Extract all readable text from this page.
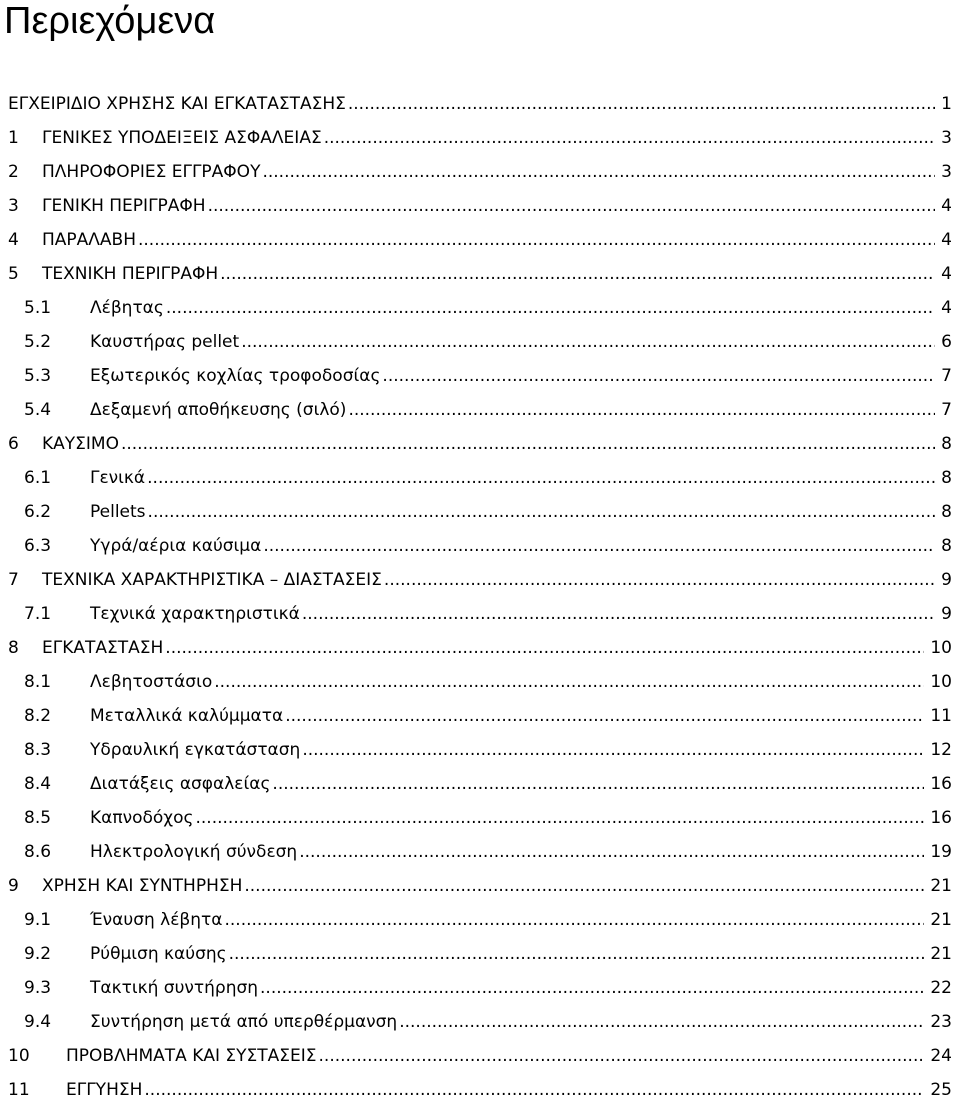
Περιεχόμενα
ΕΓΧΕΙΡΙΔΙΟ ΧΡΗΣΗΣ ΚΑΙ ΕΓΚΑΤΑΣΤΑΣΗΣ .....	1
1 ΓΕΝΙΚΕΣ ΥΠΟΔΕΙΞΕΙΣ ΑΣΦΑΛΕΙΑΣ .....	3
2 ΠΛΗΡΟΦΟΡΙΕΣ ΕΓΓΡΑΦΟΥ .....	3
3 ΓΕΝΙΚΗ ΠΕΡΙΓΡΑΦΗ .....	4
4 ΠΑΡΑΛΑΒΗ .....	4
5 ΤΕΧΝΙΚΗ ΠΕΡΙΓΡΑΦΗ .....	4
5.1 Λέβητας .....	4
5.2 Καυστήρας pellet .....	6
5.3 Εξωτερικός κοχλίας τροφοδοσίας .....	7
5.4 Δεξαμενή αποθήκευσης (σιλό) .....	7
6 ΚΑΥΣΙΜΟ .....	8
6.1 Γενικά .....	8
6.2 Pellets .....	8
6.3 Υγρά/αέρια καύσιμα .....	8
7 ΤΕΧΝΙΚΑ ΧΑΡΑΚΤΗΡΙΣΤΙΚΑ – ΔΙΑΣΤΑΣΕΙΣ .....	9
7.1 Τεχνικά χαρακτηριστικά .....	9
8 ΕΓΚΑΤΑΣΤΑΣΗ .....	10
8.1 Λεβητοστάσιο .....	10
8.2 Μεταλλικά καλύμματα .....	11
8.3 Υδραυλική εγκατάσταση .....	12
8.4 Διατάξεις ασφαλείας .....	16
8.5 Καπνοδόχος .....	16
8.6 Ηλεκτρολογική σύνδεση .....	19
9 ΧΡΗΣΗ ΚΑΙ ΣΥΝΤΗΡΗΣΗ .....	21
9.1 Έναυση λέβητα .....	21
9.2 Ρύθμιση καύσης .....	21
9.3 Τακτική συντήρηση .....	22
9.4 Συντήρηση μετά από υπερθέρμανση .....	23
10 ΠΡΟΒΛΗΜΑΤΑ ΚΑΙ ΣΥΣΤΑΣΕΙΣ .....	24
11 ΕΓΓΥΗΣΗ .....	25
